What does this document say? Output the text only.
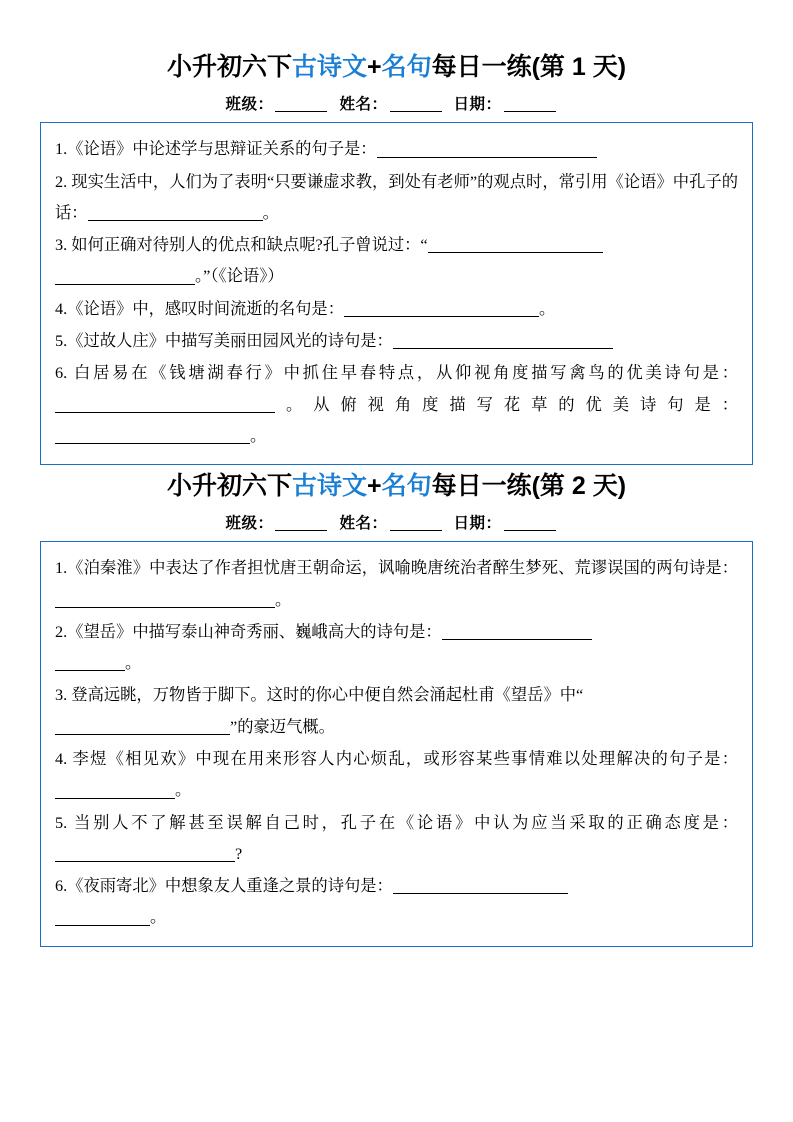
小升初六下古诗文+名句每日一练(第 1 天)
班级：	姓名：	日期：

1.《论语》中论述学与思辩证关系的句子是：

2. 现实生活中，人们为了表明“只要谦虚求教，到处有老师”的观点时，常引用《论语》中孔子的话：	。

3. 如何正确对待别人的优点和缺点呢?孔子曾说过：“
。”（《论语》）

4.《论语》中，感叹时间流逝的名句是：	。

5.《过故人庄》中描写美丽田园风光的诗句是：

6. 白居易在《钱塘湖春行》中抓住早春特点，从仰视角度描写禽鸟的优美诗句是：。从俯视角度描写花草的优美诗句是：。

小升初六下古诗文+名句每日一练(第 2 天)
班级：	姓名：	日期：

1.《泊秦淮》中表达了作者担忧唐王朝命运，讽喻晚唐统治者醉生梦死、荒谬误国的两句诗是：。

2.《望岳》中描写泰山神奇秀丽、巍峨高大的诗句是：
。

3. 登高远眺，万物皆于脚下。这时的你心中便自然会涌起杜甫《望岳》中“
”的豪迈气概。

4. 李煜《相见欢》中现在用来形容人内心烦乱，或形容某些事情难以处理解决的句子是：。

5. 当别人不了解甚至误解自己时，孔子在《论语》中认为应当采取的正确态度是：?

6.《夜雨寄北》中想象友人重逢之景的诗句是：
。
